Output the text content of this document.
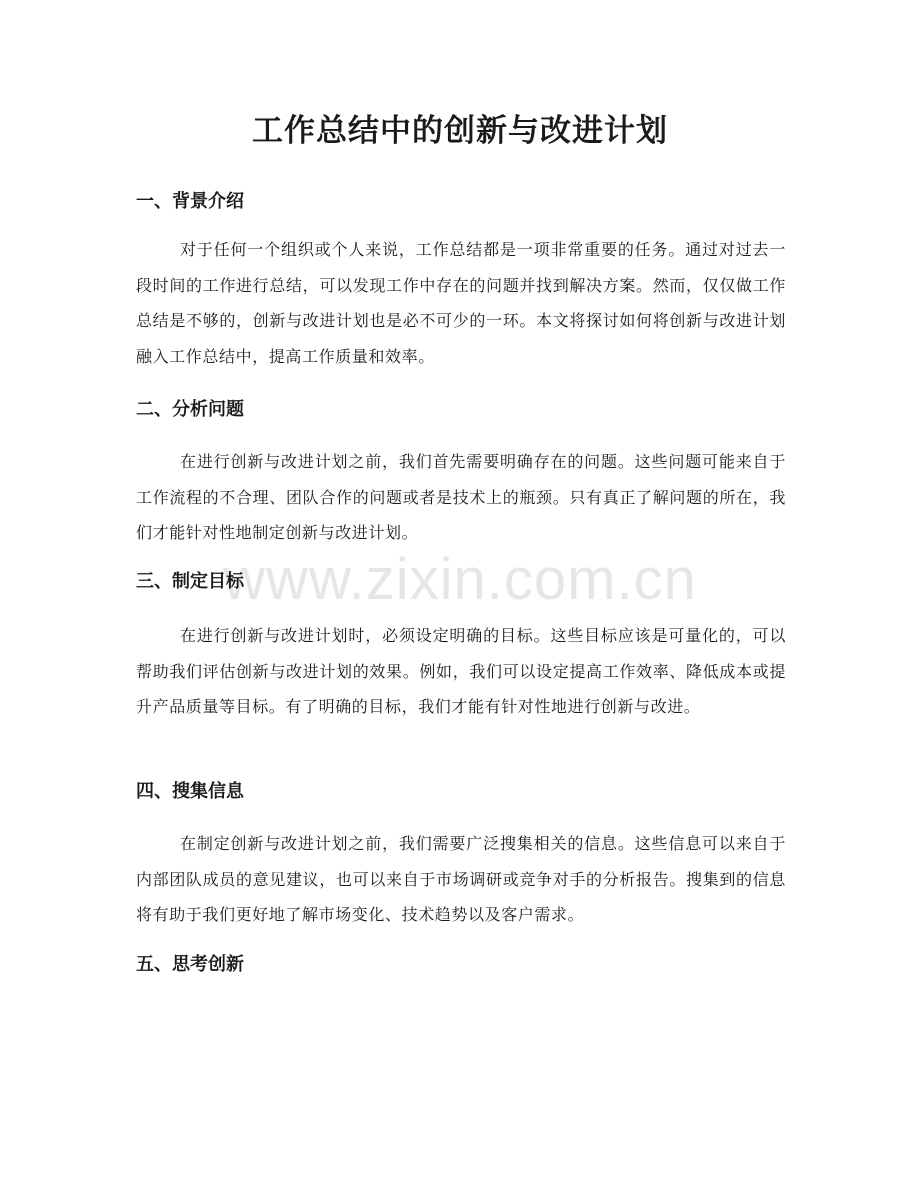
工作总结中的创新与改进计划
www.zixin.com.cn
一、背景介绍

对于任何一个组织或个人来说，工作总结都是一项非常重要的任务。通过对过去一段时间的工作进行总结，可以发现工作中存在的问题并找到解决方案。然而，仅仅做工作总结是不够的，创新与改进计划也是必不可少的一环。本文将探讨如何将创新与改进计划融入工作总结中，提高工作质量和效率。

二、分析问题

在进行创新与改进计划之前，我们首先需要明确存在的问题。这些问题可能来自于工作流程的不合理、团队合作的问题或者是技术上的瓶颈。只有真正了解问题的所在，我们才能针对性地制定创新与改进计划。

三、制定目标

在进行创新与改进计划时，必须设定明确的目标。这些目标应该是可量化的，可以帮助我们评估创新与改进计划的效果。例如，我们可以设定提高工作效率、降低成本或提升产品质量等目标。有了明确的目标，我们才能有针对性地进行创新与改进。

四、搜集信息

在制定创新与改进计划之前，我们需要广泛搜集相关的信息。这些信息可以来自于内部团队成员的意见建议，也可以来自于市场调研或竞争对手的分析报告。搜集到的信息将有助于我们更好地了解市场变化、技术趋势以及客户需求。

五、思考创新
